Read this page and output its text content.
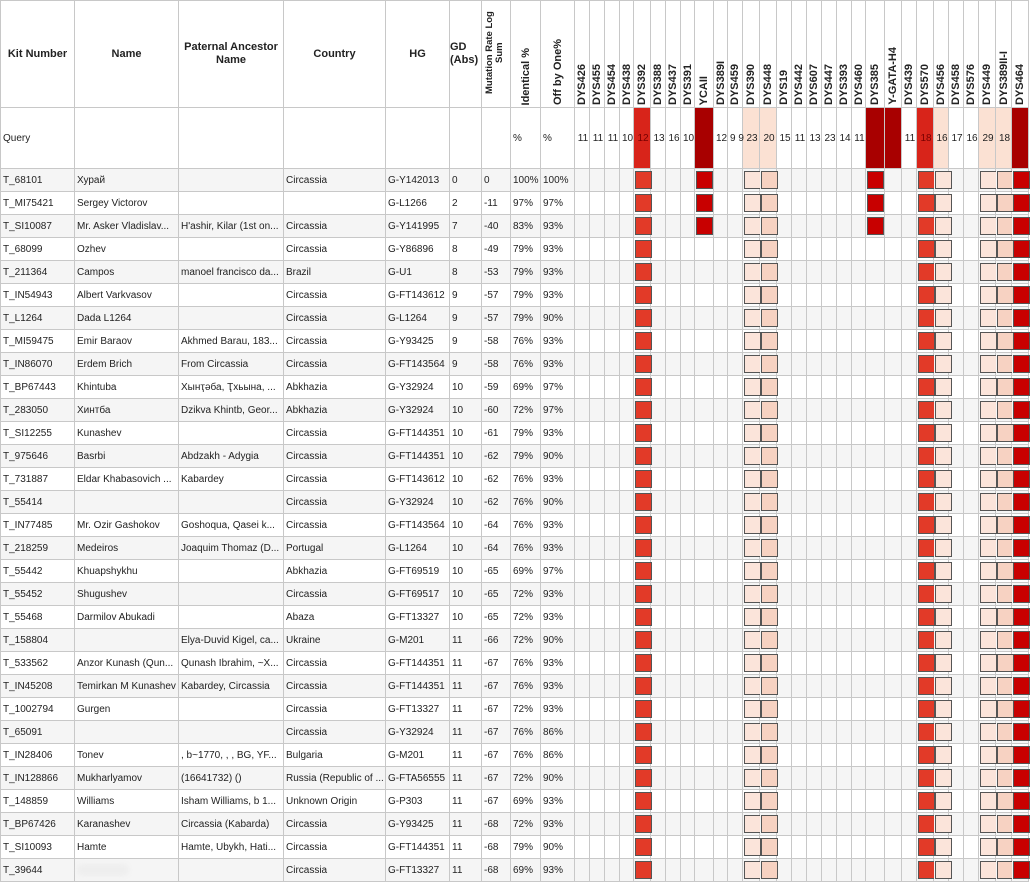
Kit Number	Name	Paternal Ancestor Name	Country	HG	GD (Abs)	Mutation Rate Log Sum	Identical %	Off by One%	DYS426	DYS455	DYS454	DYS438	DYS392	DYS388	DYS437	DYS391	YCAII	DYS389I	DYS459	DYS390	DYS448	DYS19	DYS442	DYS607	DYS447	DYS393	DYS460	DYS385	Y-GATA-H4	DYS439	DYS570	DYS456	DYS458	DYS576	DYS449	DYS389II-I	DYS464

Query							%	%	11	11	11	10	12	13	16	10		12	9 9	23	20	15	11	13	23	14	11			11	18	16	17	16	29	18	
T_68101	Хурай		Circassia	G-Y142013	0	0	100%	100%																													
T_MI75421	Sergey Victorov			G-L1266	2	-11	97%	97%																													
T_SI10087	Mr. Asker Vladislav...	H'ashir, Kilar (1st on...	Circassia	G-Y141995	7	-40	83%	93%																													
T_68099	Ozhev		Circassia	G-Y86896	8	-49	79%	93%																													
T_211364	Campos	manoel francisco da...	Brazil	G-U1	8	-53	79%	93%																													
T_IN54943	Albert Varkvasov		Circassia	G-FT143612	9	-57	79%	93%																													
T_L1264	Dada L1264		Circassia	G-L1264	9	-57	79%	90%																													
T_MI59475	Emir Baraov	Akhmed Barau, 183...	Circassia	G-Y93425	9	-58	76%	93%																													
T_IN86070	Erdem Brich	From Circassia	Circassia	G-FT143564	9	-58	76%	93%																													
T_BP67443	Khintuba	Хынҭәба, Ҭхьына, ...	Abkhazia	G-Y32924	10	-59	69%	97%																													
T_283050	Хинтба	Dzikva Khintb, Geor...	Abkhazia	G-Y32924	10	-60	72%	97%																													
T_SI12255	Kunashev		Circassia	G-FT144351	10	-61	79%	93%																													
T_975646	Basrbi	Abdzakh - Adygia	Circassia	G-FT144351	10	-62	79%	90%																													
T_731887	Eldar Khabasovich ...	Kabardey	Circassia	G-FT143612	10	-62	76%	93%																													
T_55414			Circassia	G-Y32924	10	-62	76%	90%																													
T_IN77485	Mr. Ozir Gashokov	Goshoqua, Qasei k...	Circassia	G-FT143564	10	-64	76%	93%																													
T_218259	Medeiros	Joaquim Thomaz (D...	Portugal	G-L1264	10	-64	76%	93%																													
T_55442	Khuapshykhu		Abkhazia	G-FT69519	10	-65	69%	97%																													
T_55452	Shugushev		Circassia	G-FT69517	10	-65	72%	93%																													
T_55468	Darmilov Abukadi		Abaza	G-FT13327	10	-65	72%	93%																													
T_158804		Elya-Duvid Kigel, ca...	Ukraine	G-M201	11	-66	72%	90%																													
T_533562	Anzor Kunash (Qun...	Qunash Ibrahim, ~X...	Circassia	G-FT144351	11	-67	76%	93%																													
T_IN45208	Temirkan M Kunashev	Kabardey, Circassia	Circassia	G-FT144351	11	-67	76%	93%																													
T_1002794	Gurgen		Circassia	G-FT13327	11	-67	72%	93%																													
T_65091			Circassia	G-Y32924	11	-67	76%	86%																													
T_IN28406	Tonev	, b~1770, , , BG, YF...	Bulgaria	G-M201	11	-67	76%	86%																													
T_IN128866	Mukharlyamov	(16641732) ()	Russia (Republic of ...	G-FTA56555	11	-67	72%	90%																													
T_148859	Williams	Isham Williams, b 1...	Unknown Origin	G-P303	11	-67	69%	93%																													
T_BP67426	Karanashev	Circassia (Kabarda)	Circassia	G-Y93425	11	-68	72%	93%																													
T_SI10093	Hamte	Hamte, Ubykh, Hati...	Circassia	G-FT144351	11	-68	79%	90%																													
T_39644			Circassia	G-FT13327	11	-68	69%	93%																													
